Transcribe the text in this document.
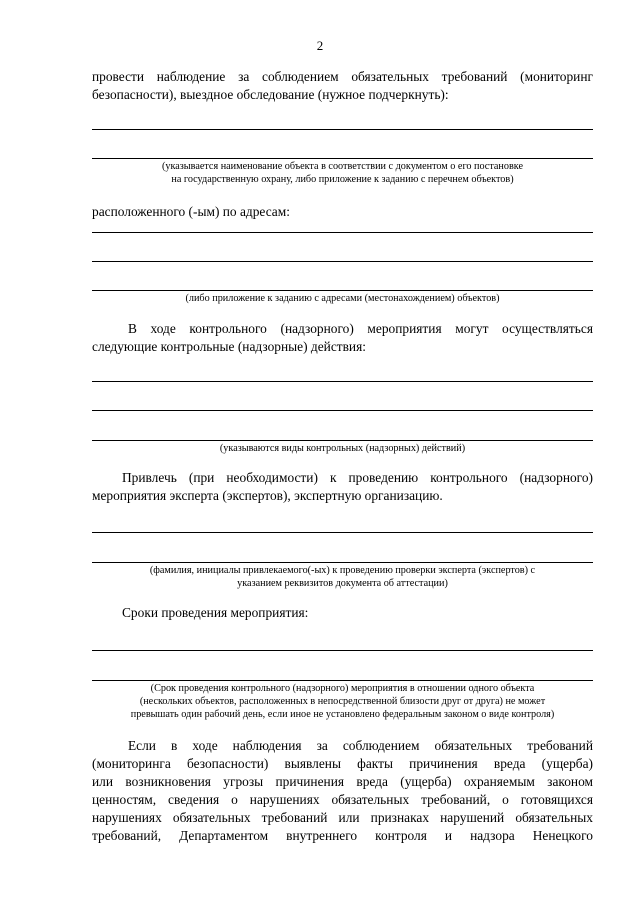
2
провести наблюдение за соблюдением обязательных требований (мониторинг
безопасности), выездное обследование (нужное подчеркнуть):
(указывается наименование объекта в соответствии с документом о его постановке
на государственную охрану, либо приложение к заданию с перечнем объектов)
расположенного (-ым) по адресам:
(либо приложение к заданию с адресами (местонахождением) объектов)
В ходе контрольного (надзорного) мероприятия могут осуществляться
следующие контрольные (надзорные) действия:
(указываются виды контрольных (надзорных) действий)
Привлечь (при необходимости) к проведению контрольного (надзорного)
мероприятия эксперта (экспертов), экспертную организацию.
(фамилия, инициалы привлекаемого(-ых) к проведению проверки эксперта (экспертов) с
указанием реквизитов документа об аттестации)
Сроки проведения мероприятия:
(Срок проведения контрольного (надзорного) мероприятия в отношении одного объекта
(нескольких объектов, расположенных в непосредственной близости друг от друга) не может
превышать один рабочий день, если иное не установлено федеральным законом о виде контроля)
Если в ходе наблюдения за соблюдением обязательных требований
(мониторинга безопасности) выявлены факты причинения вреда (ущерба)
или возникновения угрозы причинения вреда (ущерба) охраняемым законом
ценностям, сведения о нарушениях обязательных требований, о готовящихся
нарушениях обязательных требований или признаках нарушений обязательных
требований, Департаментом внутреннего контроля и надзора Ненецкого
